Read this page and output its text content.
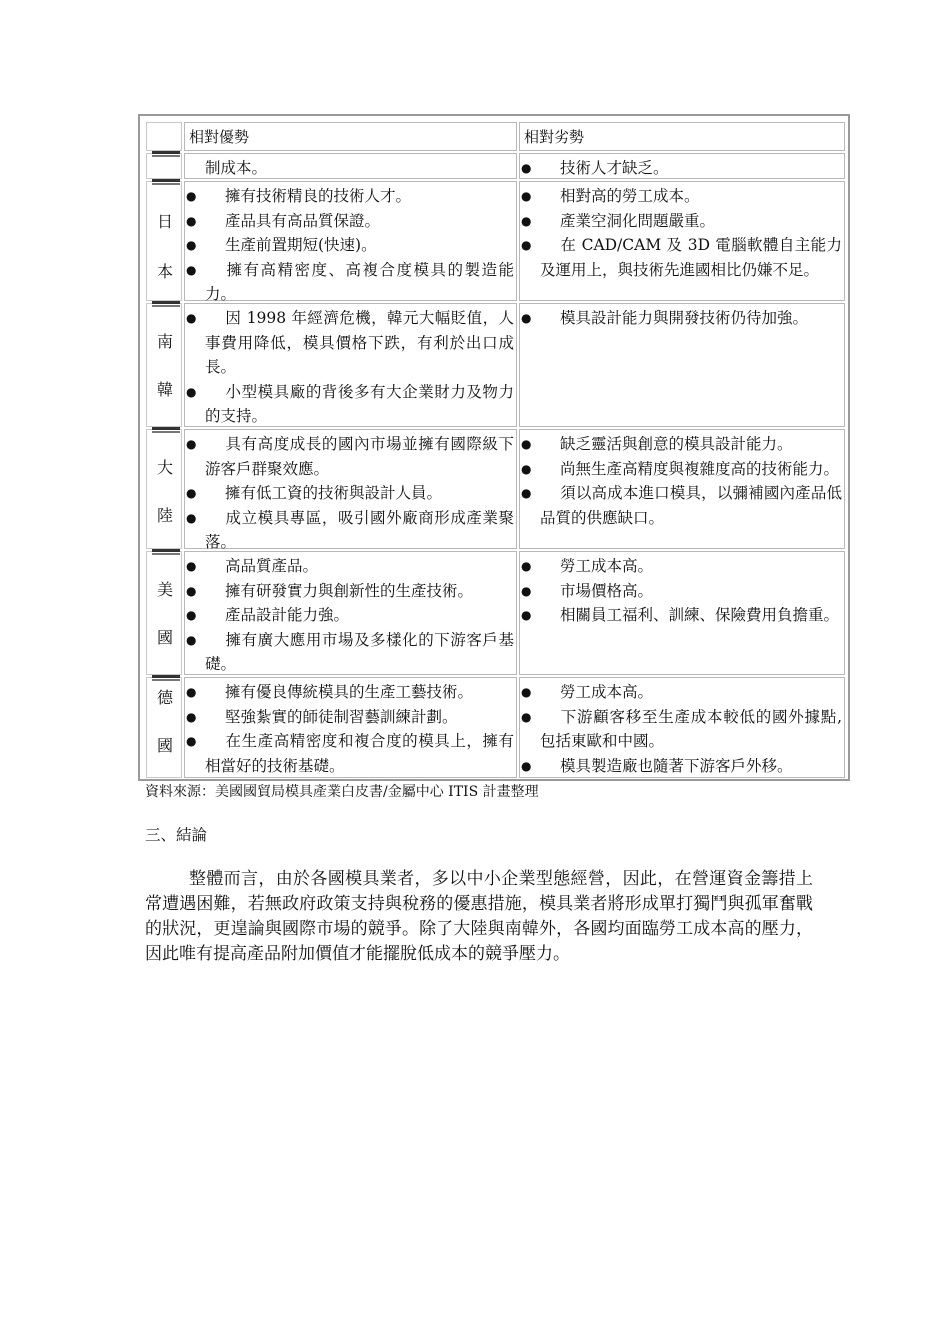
相對優勢	相對劣勢
制成本。	● 技術人才缺乏。
日
本
● 擁有技術精良的技術人才。
● 產品具有高品質保證。
● 生產前置期短(快速)。
● 擁有高精密度、高複合度模具的製造能力。
● 相對高的勞工成本。
● 產業空洞化問題嚴重。
● 在 CAD/CAM 及 3D 電腦軟體自主能力及運用上，與技術先進國相比仍嫌不足。
南
韓
● 因 1998 年經濟危機，韓元大幅貶值，人事費用降低，模具價格下跌，有利於出口成長。
● 小型模具廠的背後多有大企業財力及物力的支持。
● 模具設計能力與開發技術仍待加強。
大
陸
● 具有高度成長的國內市場並擁有國際級下游客戶群聚效應。
● 擁有低工資的技術與設計人員。
● 成立模具專區，吸引國外廠商形成產業聚落。
● 缺乏靈活與創意的模具設計能力。
● 尚無生產高精度與複雜度高的技術能力。
● 須以高成本進口模具，以彌補國內產品低品質的供應缺口。
美
國
● 高品質產品。
● 擁有研發實力與創新性的生產技術。
● 產品設計能力強。
● 擁有廣大應用市場及多樣化的下游客戶基礎。
● 勞工成本高。
● 市場價格高。
● 相關員工福利、訓練、保險費用負擔重。
德
國
● 擁有優良傳統模具的生產工藝技術。
● 堅強紮實的師徒制習藝訓練計劃。
● 在生產高精密度和複合度的模具上，擁有相當好的技術基礎。
● 勞工成本高。
● 下游顧客移至生產成本較低的國外據點, 包括東歐和中國。
● 模具製造廠也隨著下游客戶外移。
資料來源：美國國貿局模具產業白皮書/金屬中心 ITIS 計畫整理
三、結論
整體而言，由於各國模具業者，多以中小企業型態經營，因此，在營運資金籌措上常遭遇困難，若無政府政策支持與稅務的優惠措施，模具業者將形成單打獨鬥與孤軍奮戰的狀況，更遑論與國際市場的競爭。除了大陸與南韓外，各國均面臨勞工成本高的壓力，因此唯有提高產品附加價值才能擺脫低成本的競爭壓力。
